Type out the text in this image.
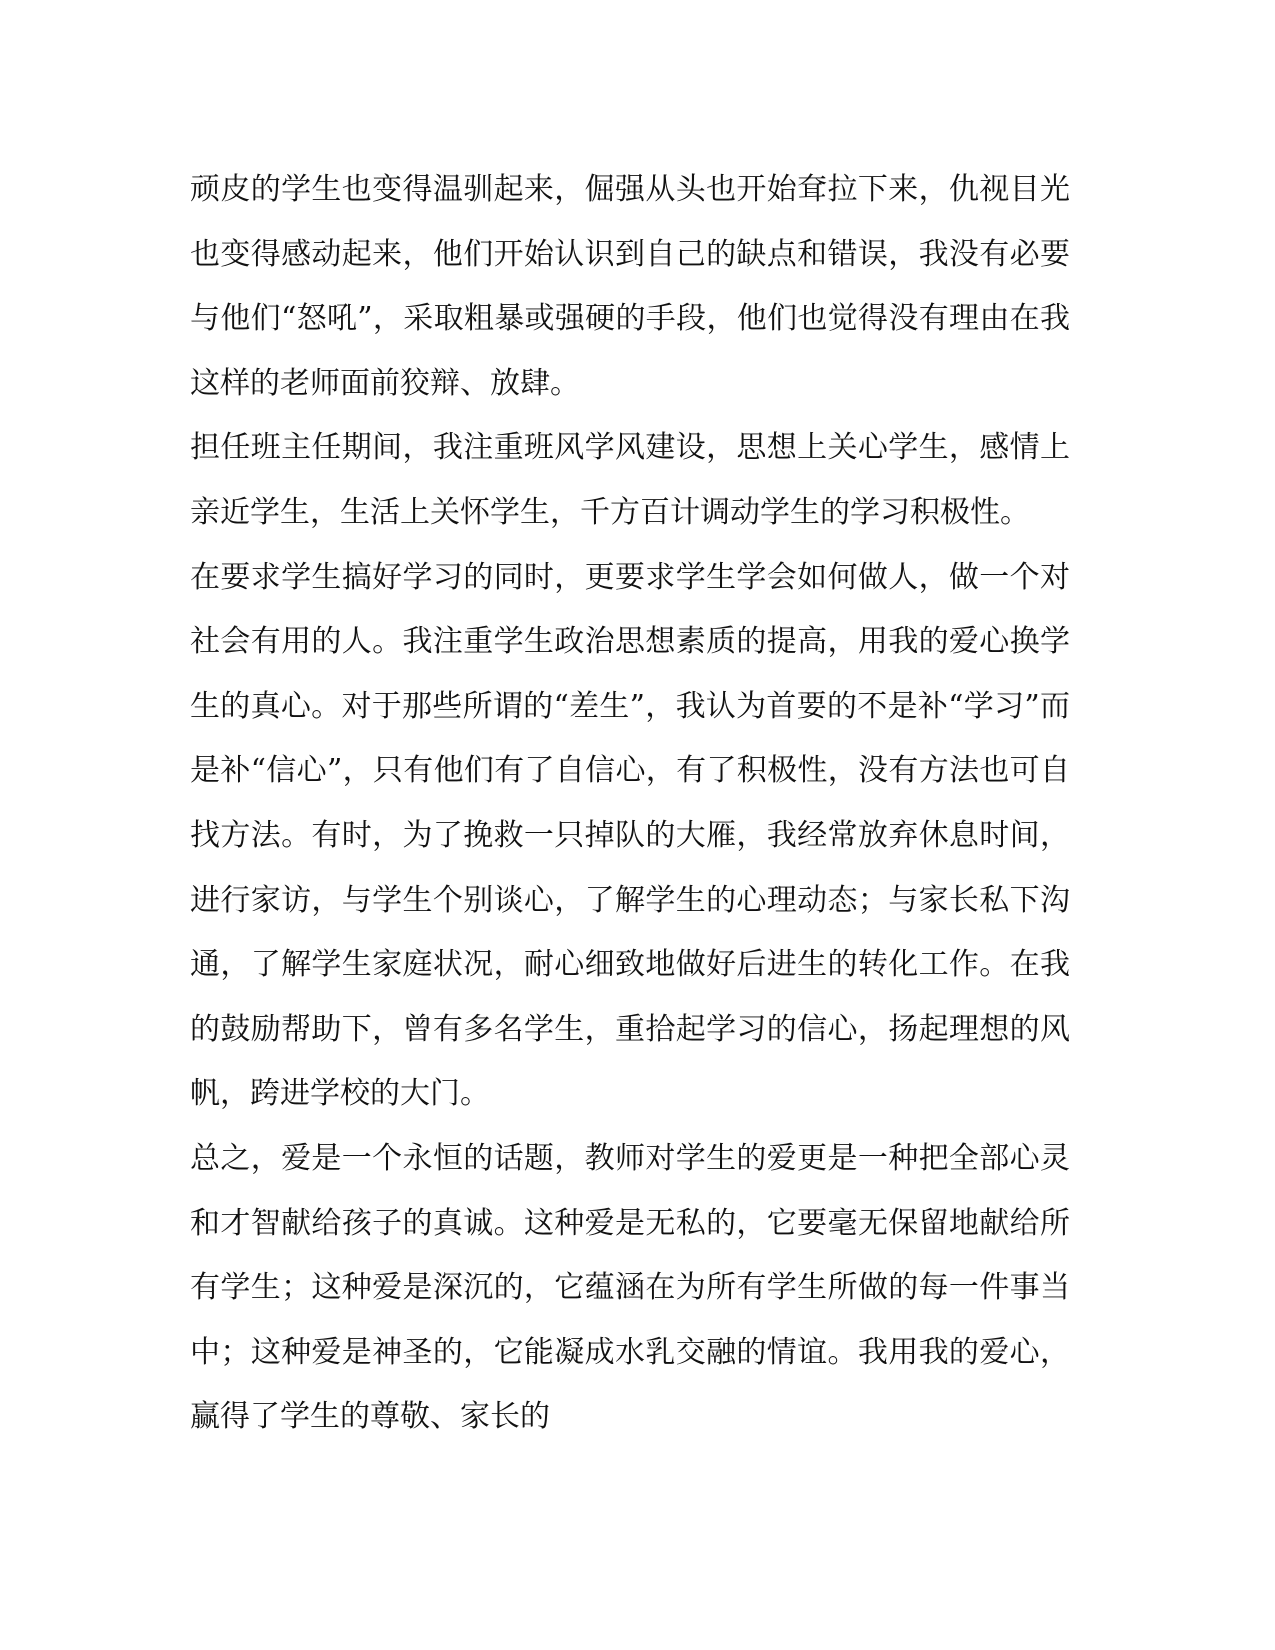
顽皮的学生也变得温驯起来，倔强从头也开始耷拉下来，仇视目光也变得感动起来，他们开始认识到自己的缺点和错误，我没有必要与他们“怒吼”，采取粗暴或强硬的手段，他们也觉得没有理由在我这样的老师面前狡辩、放肆。

担任班主任期间，我注重班风学风建设，思想上关心学生，感情上亲近学生，生活上关怀学生，千方百计调动学生的学习积极性。

在要求学生搞好学习的同时，更要求学生学会如何做人，做一个对社会有用的人。我注重学生政治思想素质的提高，用我的爱心换学生的真心。对于那些所谓的“差生”，我认为首要的不是补“学习”而是补“信心”，只有他们有了自信心，有了积极性，没有方法也可自找方法。有时，为了挽救一只掉队的大雁，我经常放弃休息时间，进行家访，与学生个别谈心，了解学生的心理动态；与家长私下沟通，了解学生家庭状况，耐心细致地做好后进生的转化工作。在我的鼓励帮助下，曾有多名学生，重拾起学习的信心，扬起理想的风帆，跨进学校的大门。

总之，爱是一个永恒的话题，教师对学生的爱更是一种把全部心灵和才智献给孩子的真诚。这种爱是无私的，它要毫无保留地献给所有学生；这种爱是深沉的，它蕴涵在为所有学生所做的每一件事当中；这种爱是神圣的，它能凝成水乳交融的情谊。我用我的爱心，赢得了学生的尊敬、家长的
